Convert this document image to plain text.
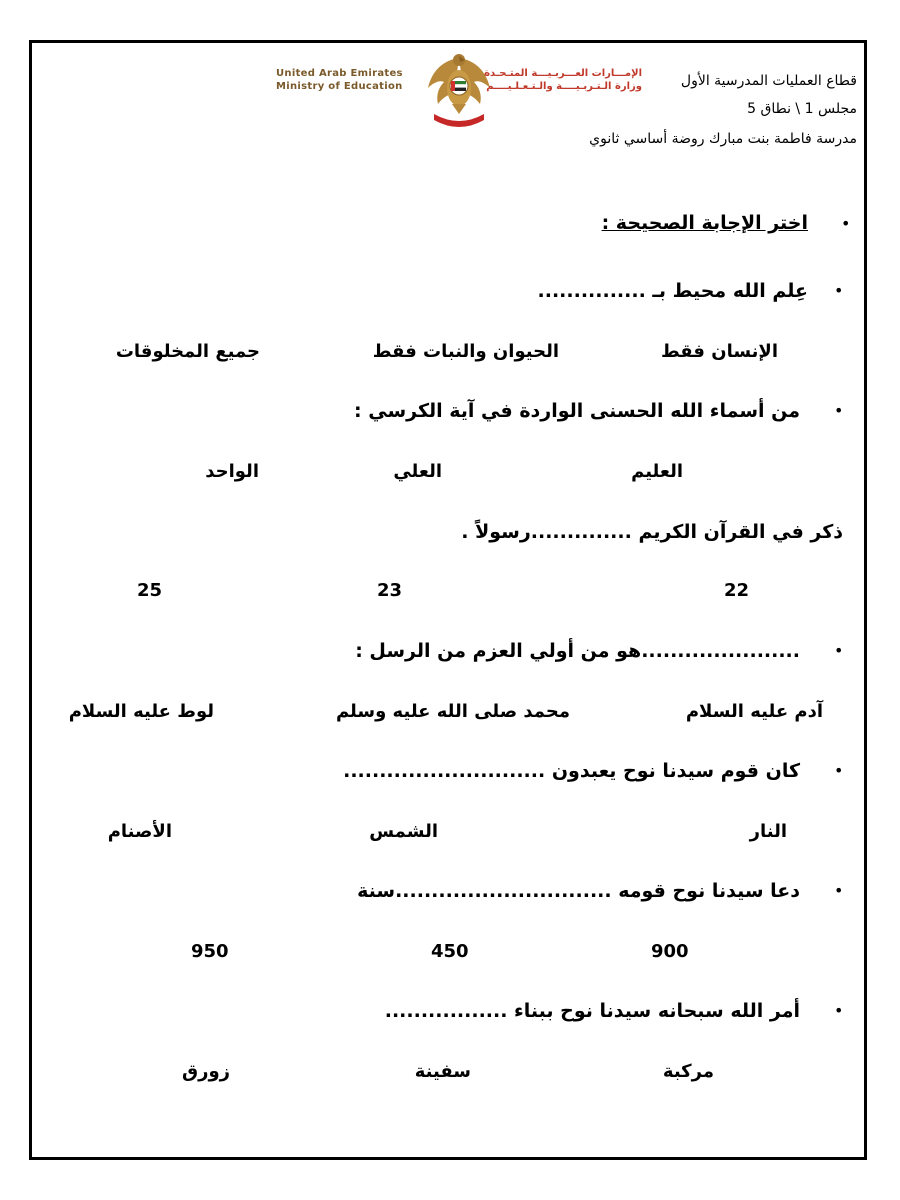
قطاع العمليات المدرسية الأول
مجلس 1 \ نطاق 5
مدرسة فاطمة بنت مبارك روضة أساسي ثانوي
United Arab Emirates
Ministry of Education
الإمـــارات العـــربـيـــة المتـحـدة
وزارة الـتـربـيــــة والـتـعـلـيــــم
•
اختر الإجابة الصحيحة :
•
عِلم الله محيط بـ ...............
الإنسان فقط
الحيوان والنبات فقط
جميع المخلوقات
•
من أسماء الله الحسنى الواردة في آية الكرسي :
العليم
العلي
الواحد
ذكر في القرآن الكريم ..............رسولاً .
22
23
25
•
......................هو من أولي العزم من الرسل :
آدم عليه السلام
محمد صلى الله عليه وسلم
لوط عليه السلام
•
كان قوم سيدنا نوح يعبدون ............................
النار
الشمس
الأصنام
•
دعا سيدنا نوح قومه ..............................سنة
900
450
950
•
أمر الله سبحانه سيدنا نوح ببناء .................
مركبة
سفينة
زورق
